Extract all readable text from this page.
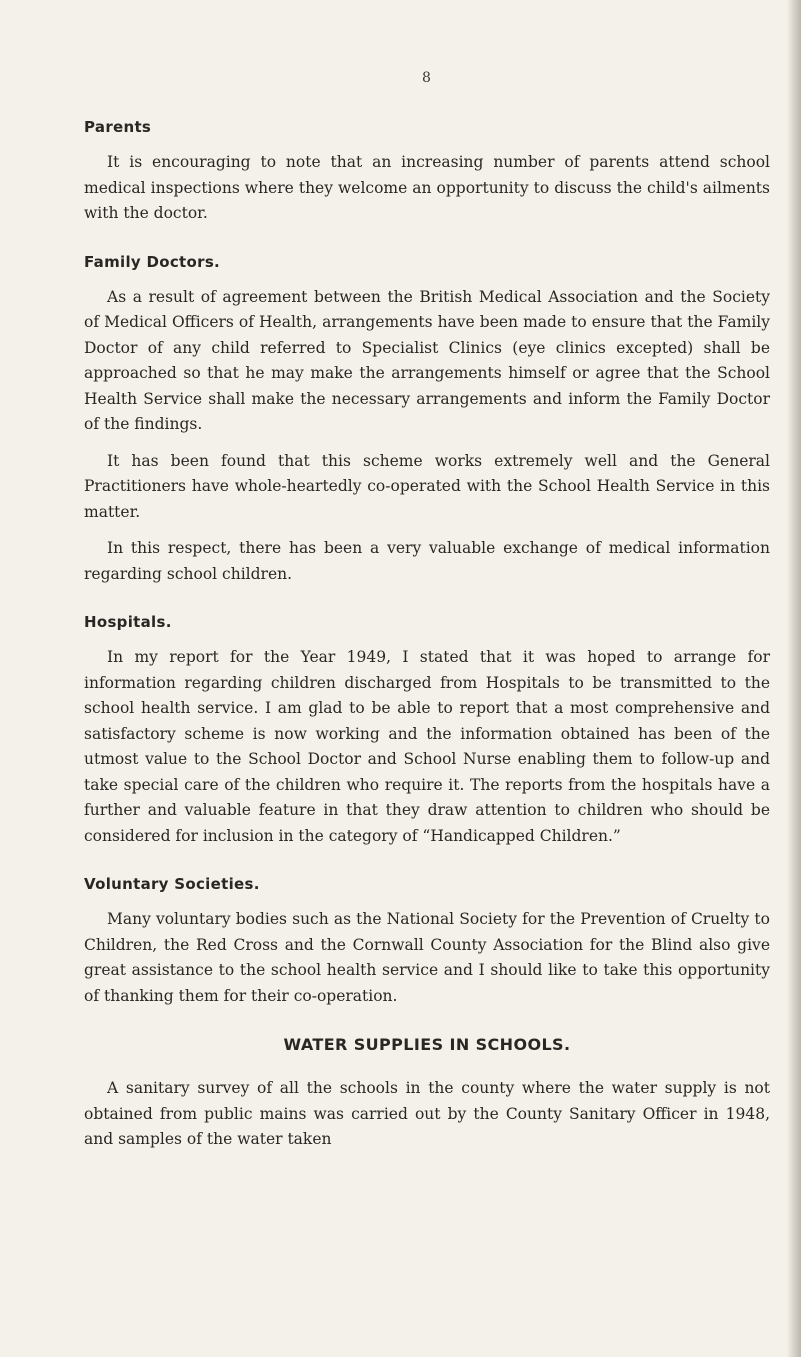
8
Parents

It is encouraging to note that an increasing number of parents attend school medical inspections where they welcome an opportunity to discuss the child's ailments with the doctor.

Family Doctors.

As a result of agreement between the British Medical Association and the Society of Medical Officers of Health, arrangements have been made to ensure that the Family Doctor of any child referred to Specialist Clinics (eye clinics excepted) shall be approached so that he may make the arrangements himself or agree that the School Health Service shall make the necessary arrangements and inform the Family Doctor of the findings.

It has been found that this scheme works extremely well and the General Practitioners have whole-heartedly co-operated with the School Health Service in this matter.

In this respect, there has been a very valuable exchange of medical information regarding school children.

Hospitals.

In my report for the Year 1949, I stated that it was hoped to arrange for information regarding children discharged from Hospitals to be transmitted to the school health service. I am glad to be able to report that a most comprehensive and satisfactory scheme is now working and the information obtained has been of the utmost value to the School Doctor and School Nurse enabling them to follow-up and take special care of the children who require it. The reports from the hospitals have a further and valuable feature in that they draw attention to children who should be considered for inclusion in the category of “Handicapped Children.”

Voluntary Societies.

Many voluntary bodies such as the National Society for the Prevention of Cruelty to Children, the Red Cross and the Cornwall County Association for the Blind also give great assistance to the school health service and I should like to take this opportunity of thanking them for their co-operation.

WATER SUPPLIES IN SCHOOLS.

A sanitary survey of all the schools in the county where the water supply is not obtained from public mains was carried out by the County Sanitary Officer in 1948, and samples of the water taken
